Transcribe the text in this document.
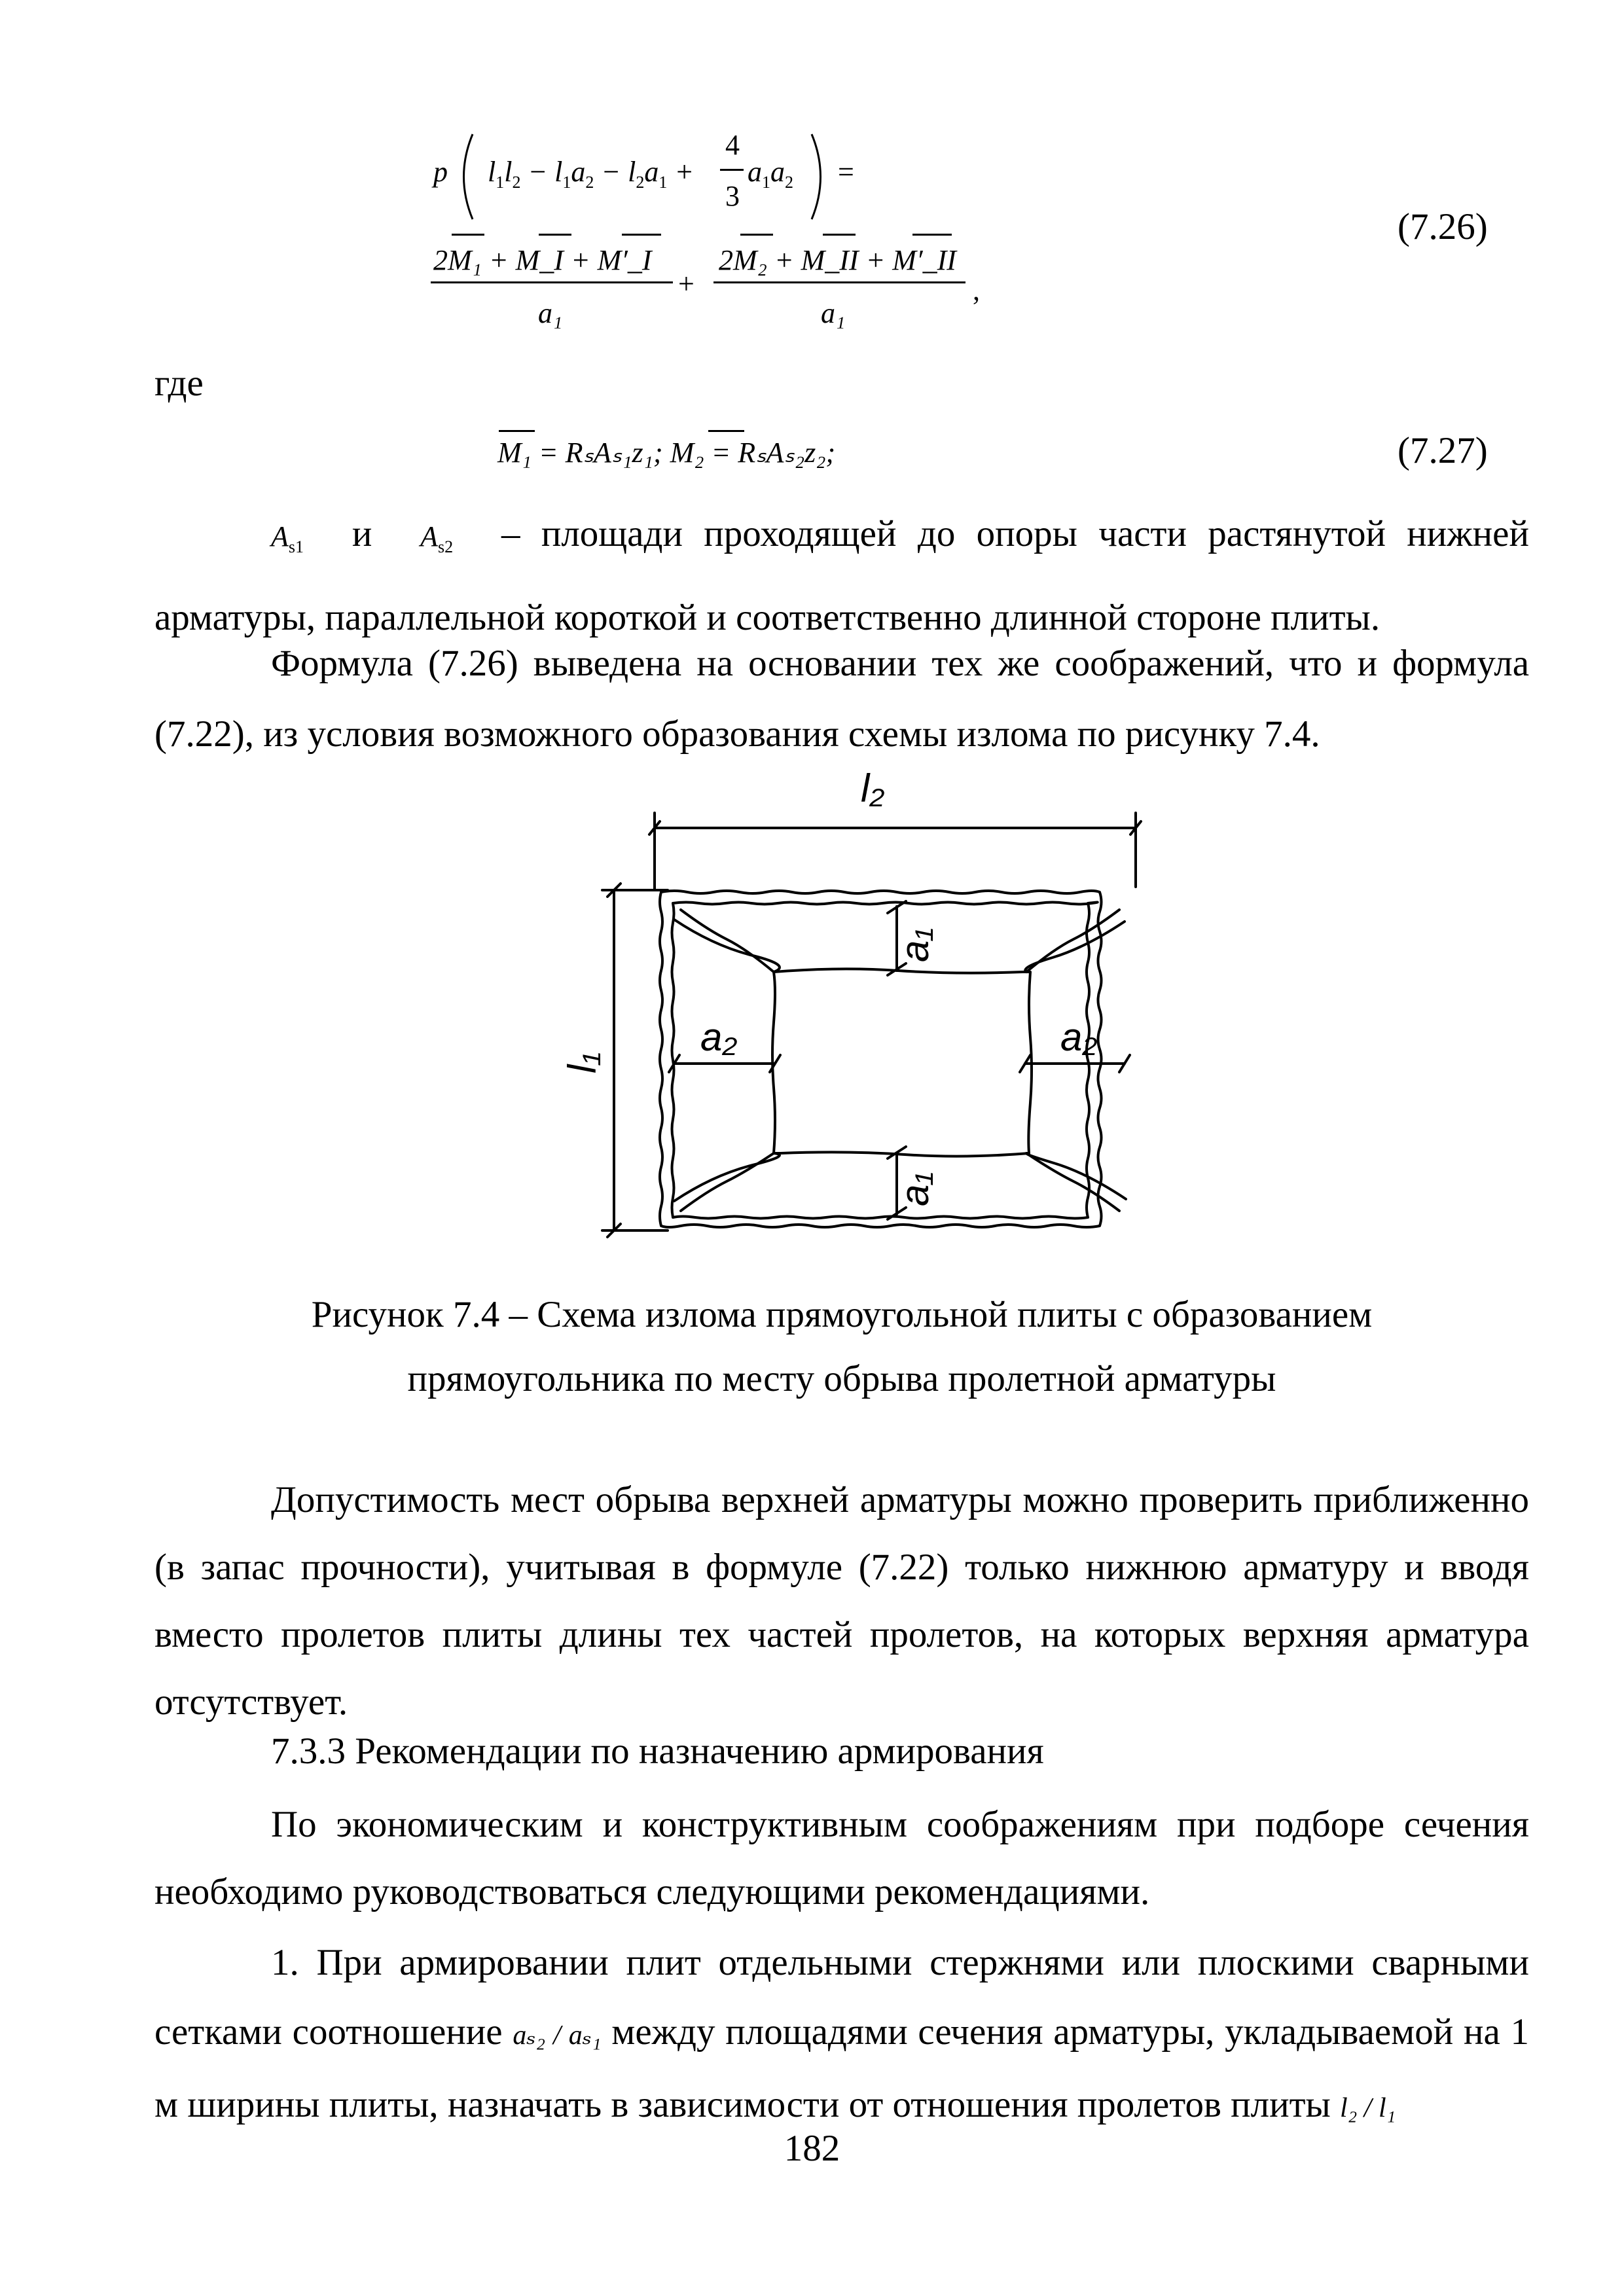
p $l_1l_2 - l_1a_2 - l_2a_1$ +
4
3
$a_1a_2$ =
2M₁ + M_I + M′_I 2M₂ + M_II + M′_II
+	,
a₁	a₁
(7.26)
где
M₁ = RₛAₛ₁z₁; M₂ = RₛAₛ₂z₂;	(7.27)
$A_{s1}$ и $A_{s2}$ – площади проходящей до опоры части растянутой нижней
арматуры, параллельной короткой и соответственно длинной стороне плиты.
Формула (7.26) выведена на основании тех же соображений, что и формула (7.22), из условия возможного образования схемы излома по рисунку 7.4.
l₂
l₁
a₁
a₁
a₂	a₂
Рисунок 7.4 – Схема излома прямоугольной плиты с образованием
прямоугольника по месту обрыва пролетной арматуры
Допустимость мест обрыва верхней арматуры можно проверить приближенно (в запас прочности), учитывая в формуле (7.22) только нижнюю арматуру и вводя вместо пролетов плиты длины тех частей пролетов, на которых верхняя арматура отсутствует.
7.3.3 Рекомендации по назначению армирования
По экономическим и конструктивным соображениям при подборе сечения необходимо руководствоваться следующими рекомендациями.
1. При армировании плит отдельными стержнями или плоскими сварными сетками соотношение aₛ₂ / aₛ₁ между площадями сечения арматуры, укладываемой на 1 м ширины плиты, назначать в зависимости от отношения пролетов плиты l₂ / l₁
182
